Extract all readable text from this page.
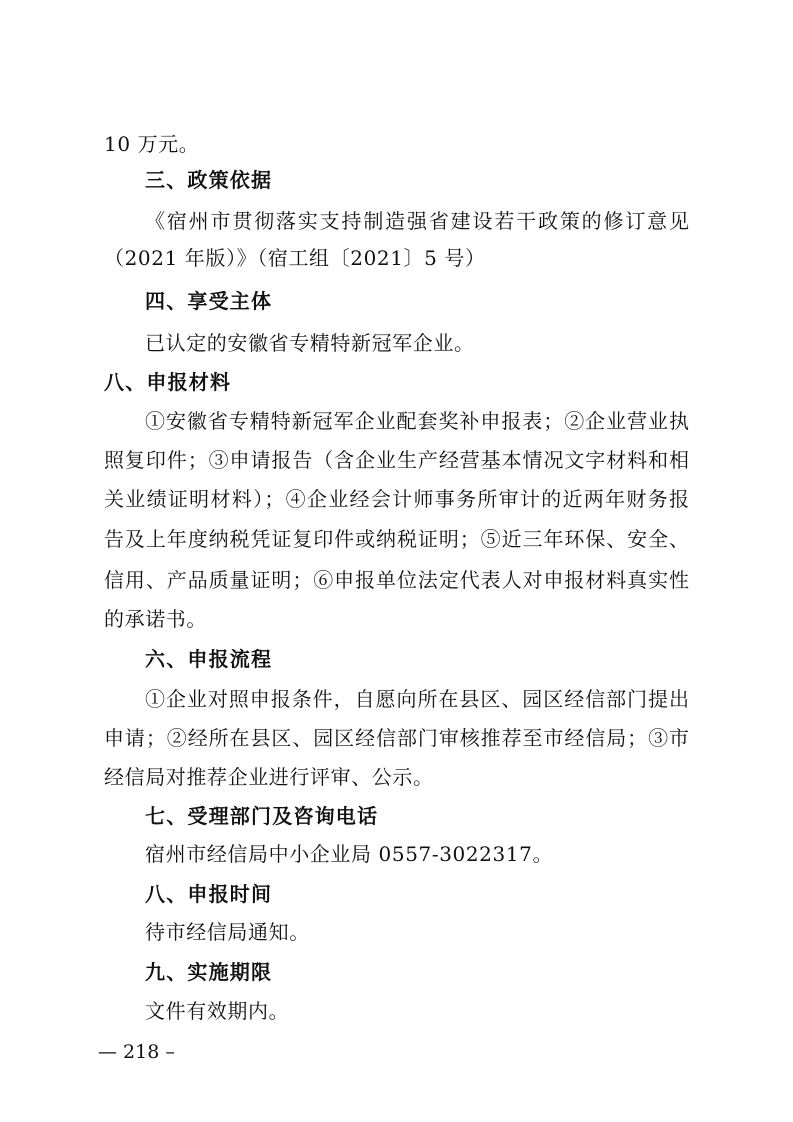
10 万元。

三、政策依据

《宿州市贯彻落实支持制造强省建设若干政策的修订意见

（2021 年版）》（宿工组〔2021〕5 号）

四、享受主体

已认定的安徽省专精特新冠军企业。

八、申报材料

①安徽省专精特新冠军企业配套奖补申报表；②企业营业执

照复印件；③申请报告（含企业生产经营基本情况文字材料和相

关业绩证明材料）；④企业经会计师事务所审计的近两年财务报

告及上年度纳税凭证复印件或纳税证明；⑤近三年环保、安全、

信用、产品质量证明；⑥申报单位法定代表人对申报材料真实性

的承诺书。

六、申报流程

①企业对照申报条件，自愿向所在县区、园区经信部门提出

申请；②经所在县区、园区经信部门审核推荐至市经信局；③市

经信局对推荐企业进行评审、公示。

七、受理部门及咨询电话

宿州市经信局中小企业局 0557-3022317。

八、申报时间

待市经信局通知。

九、实施期限

文件有效期内。

— 218 –
